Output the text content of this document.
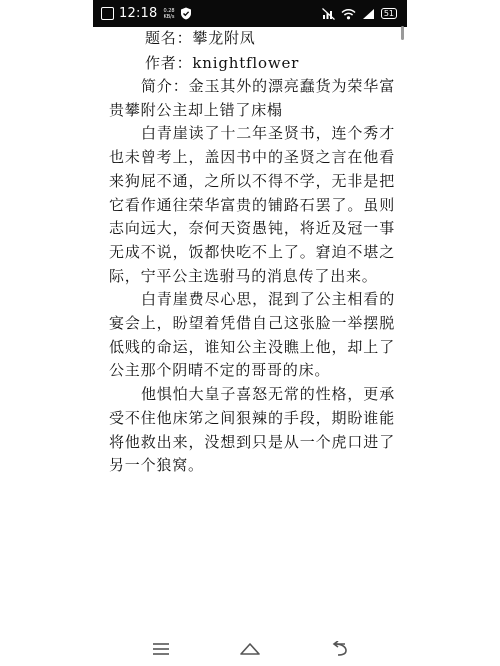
12:18 0.28
KB/s	51
题名：攀龙附凤
作者：knightflower

简介：金玉其外的漂亮蠢货为荣华富贵攀附公主却上错了床榻

白青崖读了十二年圣贤书，连个秀才也未曾考上，盖因书中的圣贤之言在他看来狗屁不通，之所以不得不学，无非是把它看作通往荣华富贵的铺路石罢了。虽则志向远大，奈何天资愚钝，将近及冠一事无成不说，饭都快吃不上了。窘迫不堪之际，宁平公主选驸马的消息传了出来。

白青崖费尽心思，混到了公主相看的宴会上，盼望着凭借自己这张脸一举摆脱低贱的命运，谁知公主没瞧上他，却上了公主那个阴晴不定的哥哥的床。

他惧怕大皇子喜怒无常的性格，更承受不住他床笫之间狠辣的手段，期盼谁能将他救出来，没想到只是从一个虎口进了另一个狼窝。
